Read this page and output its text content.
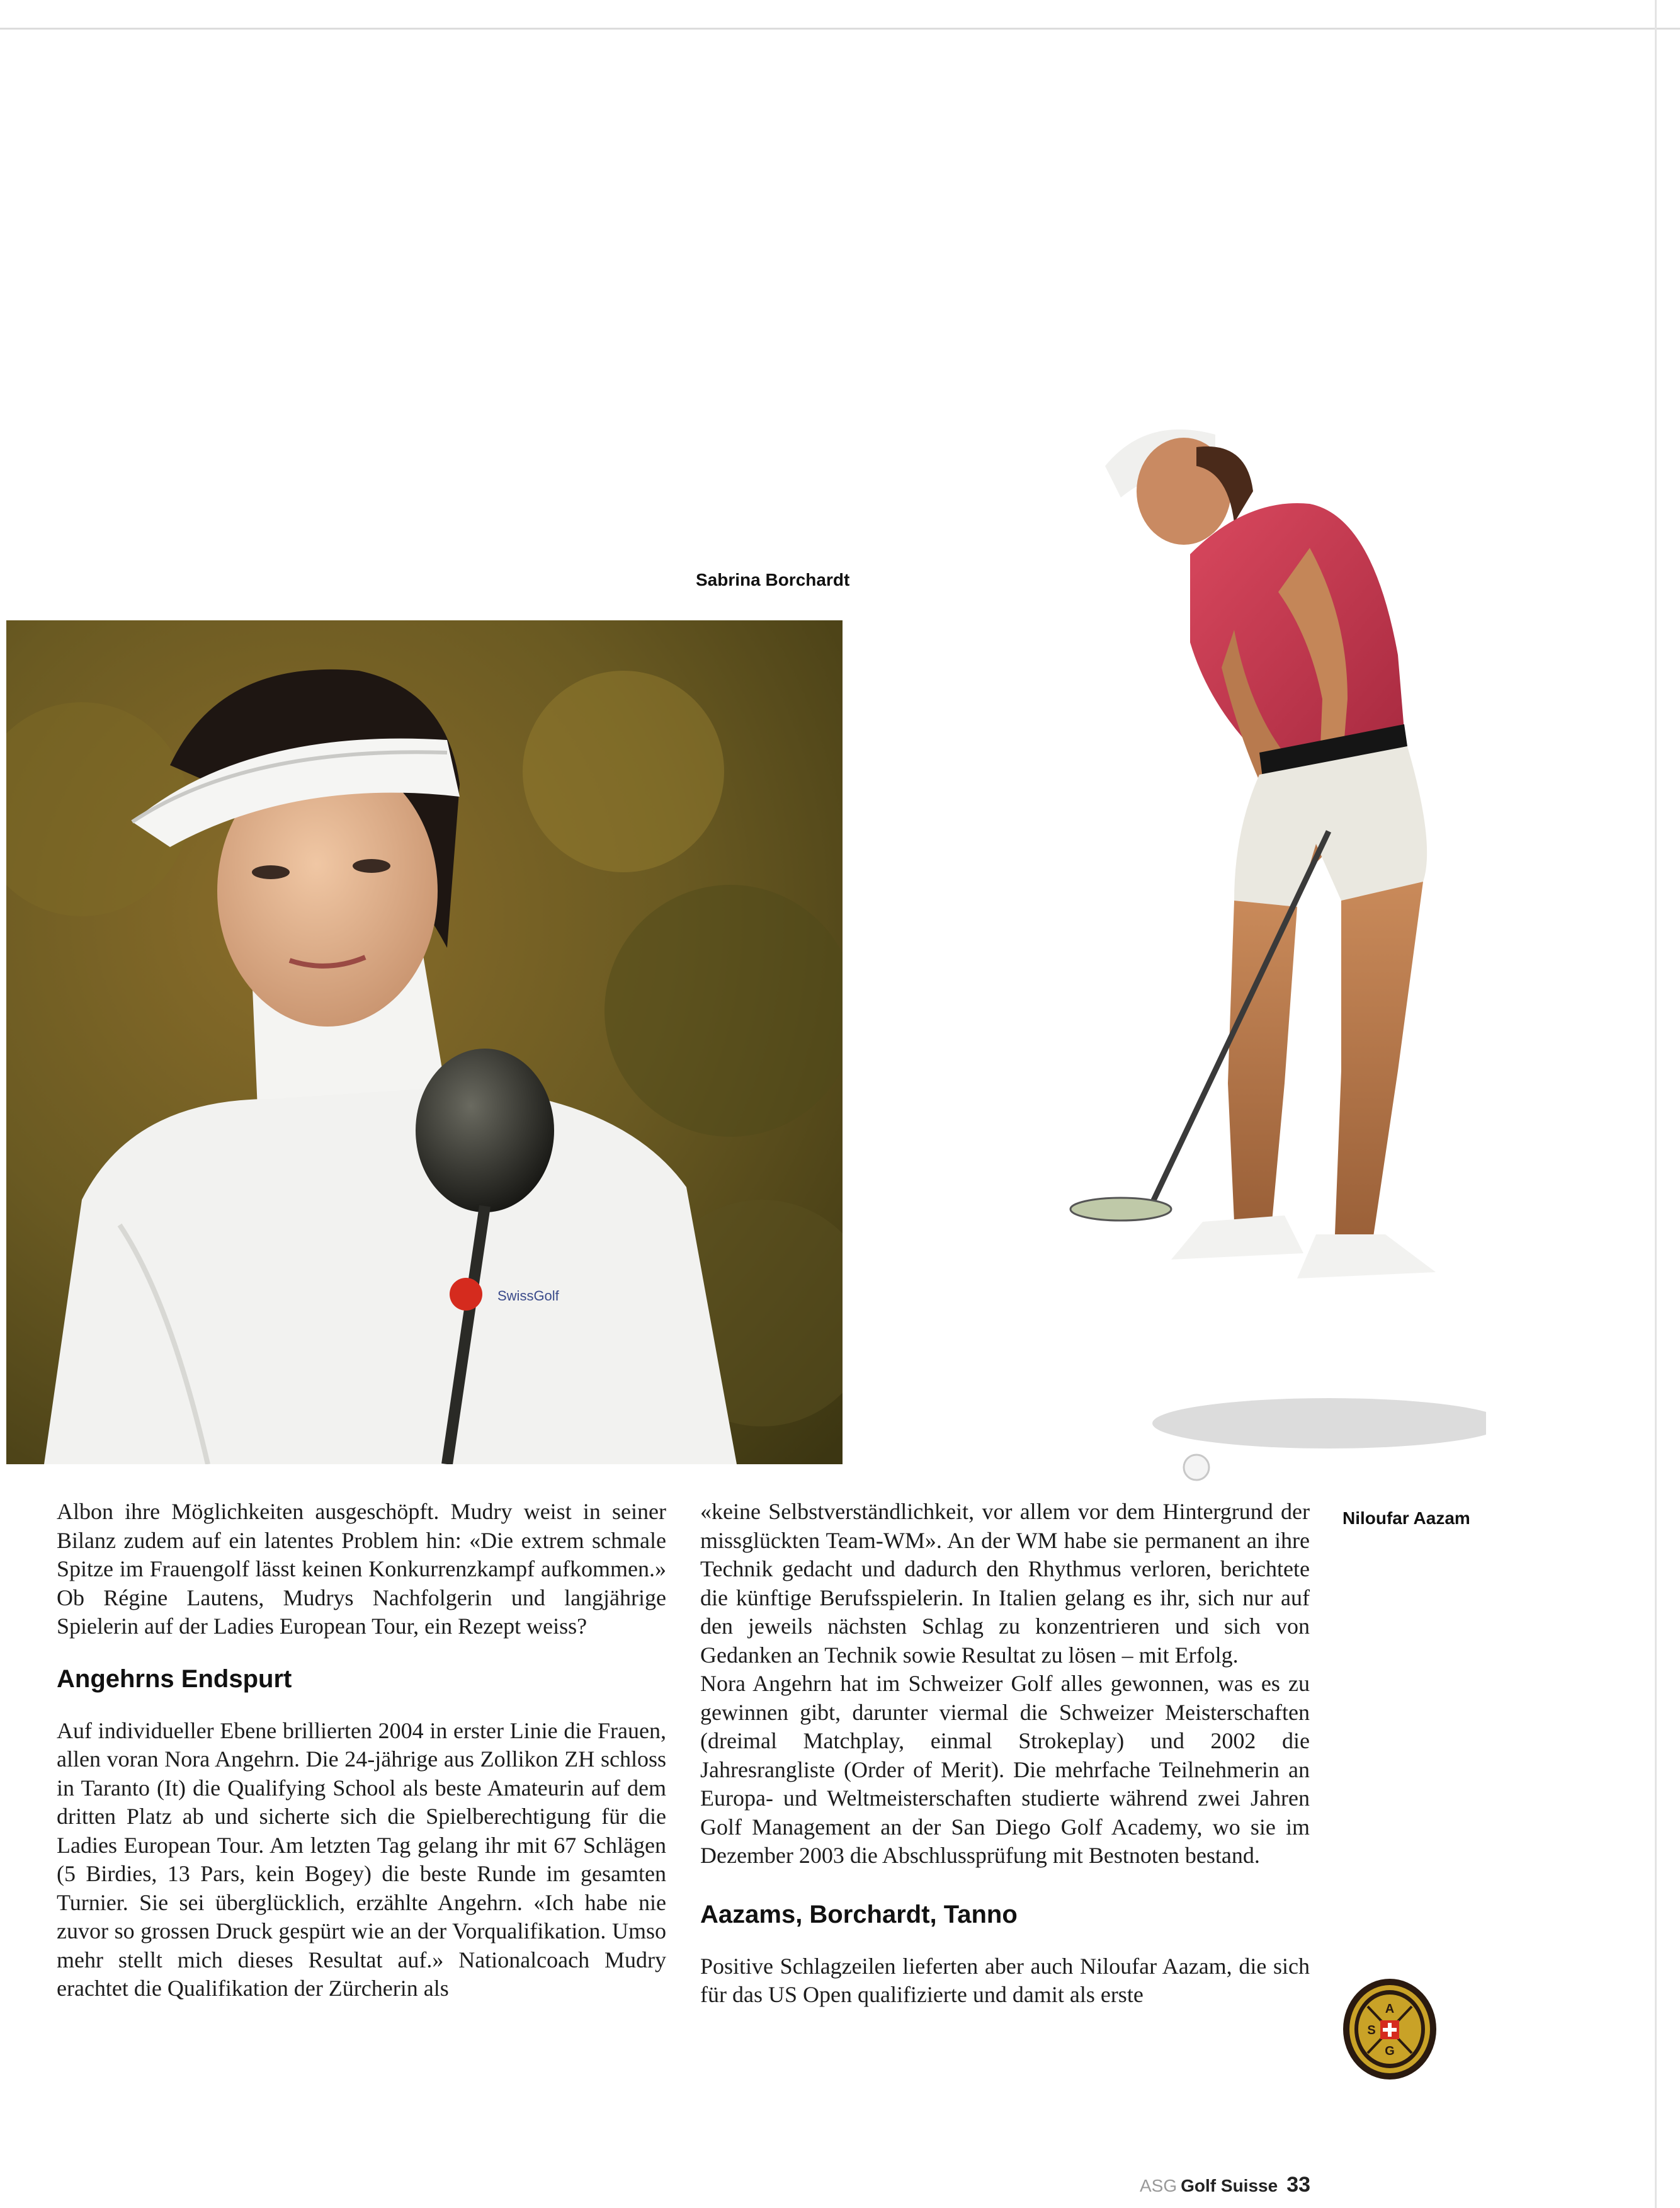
Sabrina Borchardt
SwissGolf
Niloufar Aazam

Albon ihre Möglichkeiten ausgeschöpft. Mudry weist in seiner Bilanz zudem auf ein latentes Problem hin: «Die extrem schmale Spitze im Frauengolf lässt keinen Konkurrenzkampf aufkommen.» Ob Régine Lautens, Mudrys Nachfolgerin und langjährige Spielerin auf der Ladies European Tour, ein Rezept weiss?

Angehrns Endspurt

Auf individueller Ebene brillierten 2004 in erster Linie die Frauen, allen voran Nora Angehrn. Die 24-jährige aus Zollikon ZH schloss in Taranto (It) die Qualifying School als beste Amateurin auf dem dritten Platz ab und sicherte sich die Spielberechtigung für die Ladies European Tour. Am letzten Tag gelang ihr mit 67 Schlägen (5 Birdies, 13 Pars, kein Bogey) die beste Runde im gesamten Turnier. Sie sei überglücklich, erzählte Angehrn. «Ich habe nie zuvor so grossen Druck gespürt wie an der Vorqualifikation. Umso mehr stellt mich dieses Resultat auf.» Nationalcoach Mudry erachtet die Qualifikation der Zürcherin als

«keine Selbstverständlichkeit, vor allem vor dem Hintergrund der missglückten Team-WM». An der WM habe sie permanent an ihre Technik gedacht und dadurch den Rhythmus verloren, berichtete die künftige Berufsspielerin. In Italien gelang es ihr, sich nur auf den jeweils nächsten Schlag zu konzentrieren und sich von Gedanken an Technik sowie Resultat zu lösen – mit Erfolg.

Nora Angehrn hat im Schweizer Golf alles gewonnen, was es zu gewinnen gibt, darunter viermal die Schweizer Meisterschaften (dreimal Matchplay, einmal Strokeplay) und 2002 die Jahresrangliste (Order of Merit). Die mehrfache Teilnehmerin an Europa- und Weltmeisterschaften studierte während zwei Jahren Golf Management an der San Diego Golf Academy, wo sie im Dezember 2003 die Abschlussprüfung mit Bestnoten bestand.

Aazams, Borchardt, Tanno

Positive Schlagzeilen lieferten aber auch Niloufar Aazam, die sich für das US Open qualifizierte und damit als erste

A
S
G
ASG Golf Suisse 33
